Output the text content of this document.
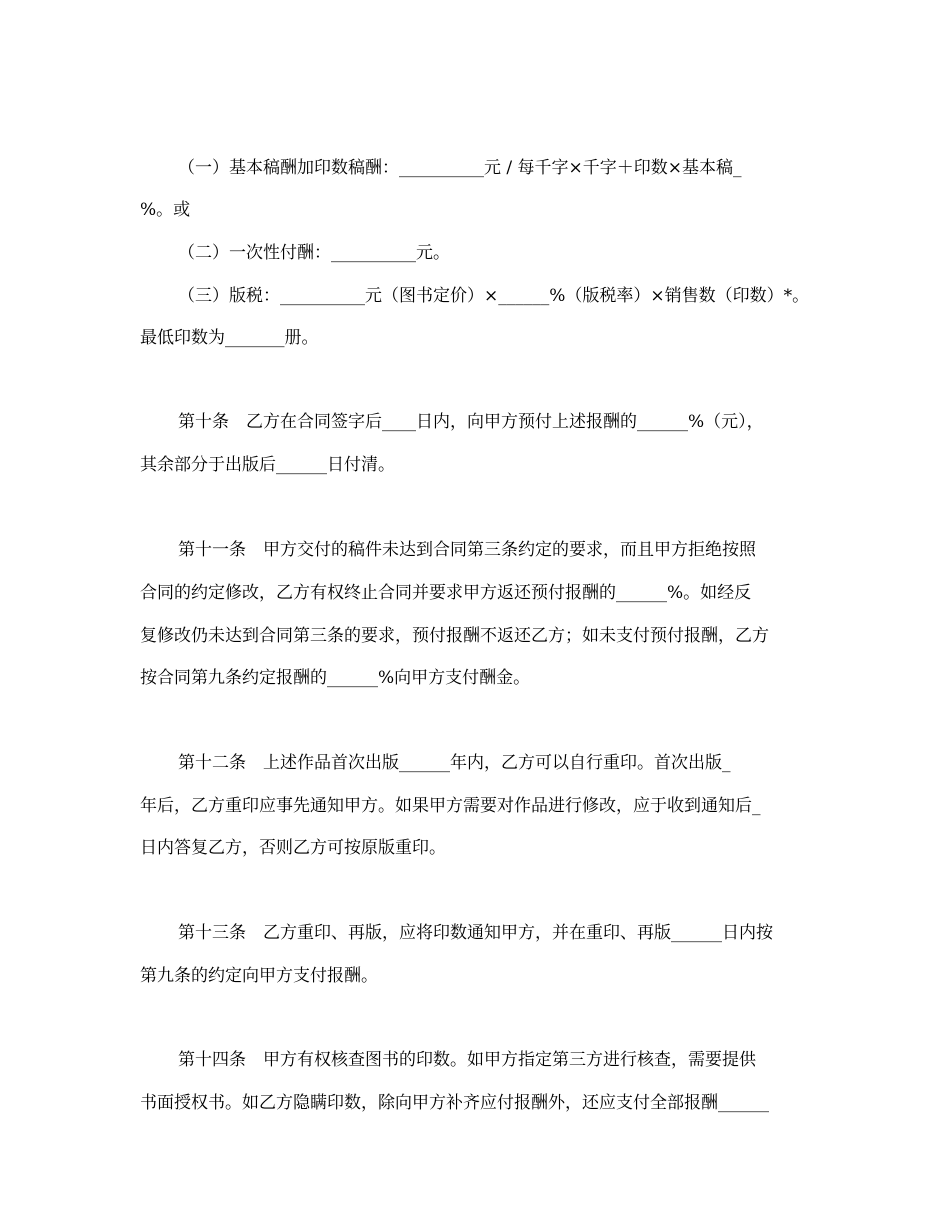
（一）基本稿酬加印数稿酬：__________元 / 每千字×千字＋印数×基本稿_
%。或
（二）一次性付酬：__________元。
（三）版税：__________元（图书定价）×______%（版税率）×销售数（印数）*。
最低印数为_______册。
第十条　乙方在合同签字后____日内，向甲方预付上述报酬的______%（元），
其余部分于出版后______日付清。
第十一条　甲方交付的稿件未达到合同第三条约定的要求，而且甲方拒绝按照
合同的约定修改，乙方有权终止合同并要求甲方返还预付报酬的______%。如经反
复修改仍未达到合同第三条的要求，预付报酬不返还乙方；如未支付预付报酬，乙方
按合同第九条约定报酬的______%向甲方支付酬金。
第十二条　上述作品首次出版______年内，乙方可以自行重印。首次出版_
年后，乙方重印应事先通知甲方。如果甲方需要对作品进行修改，应于收到通知后_
日内答复乙方，否则乙方可按原版重印。
第十三条　乙方重印、再版，应将印数通知甲方，并在重印、再版______日内按
第九条的约定向甲方支付报酬。
第十四条　甲方有权核查图书的印数。如甲方指定第三方进行核查，需要提供
书面授权书。如乙方隐瞒印数，除向甲方补齐应付报酬外，还应支付全部报酬______
